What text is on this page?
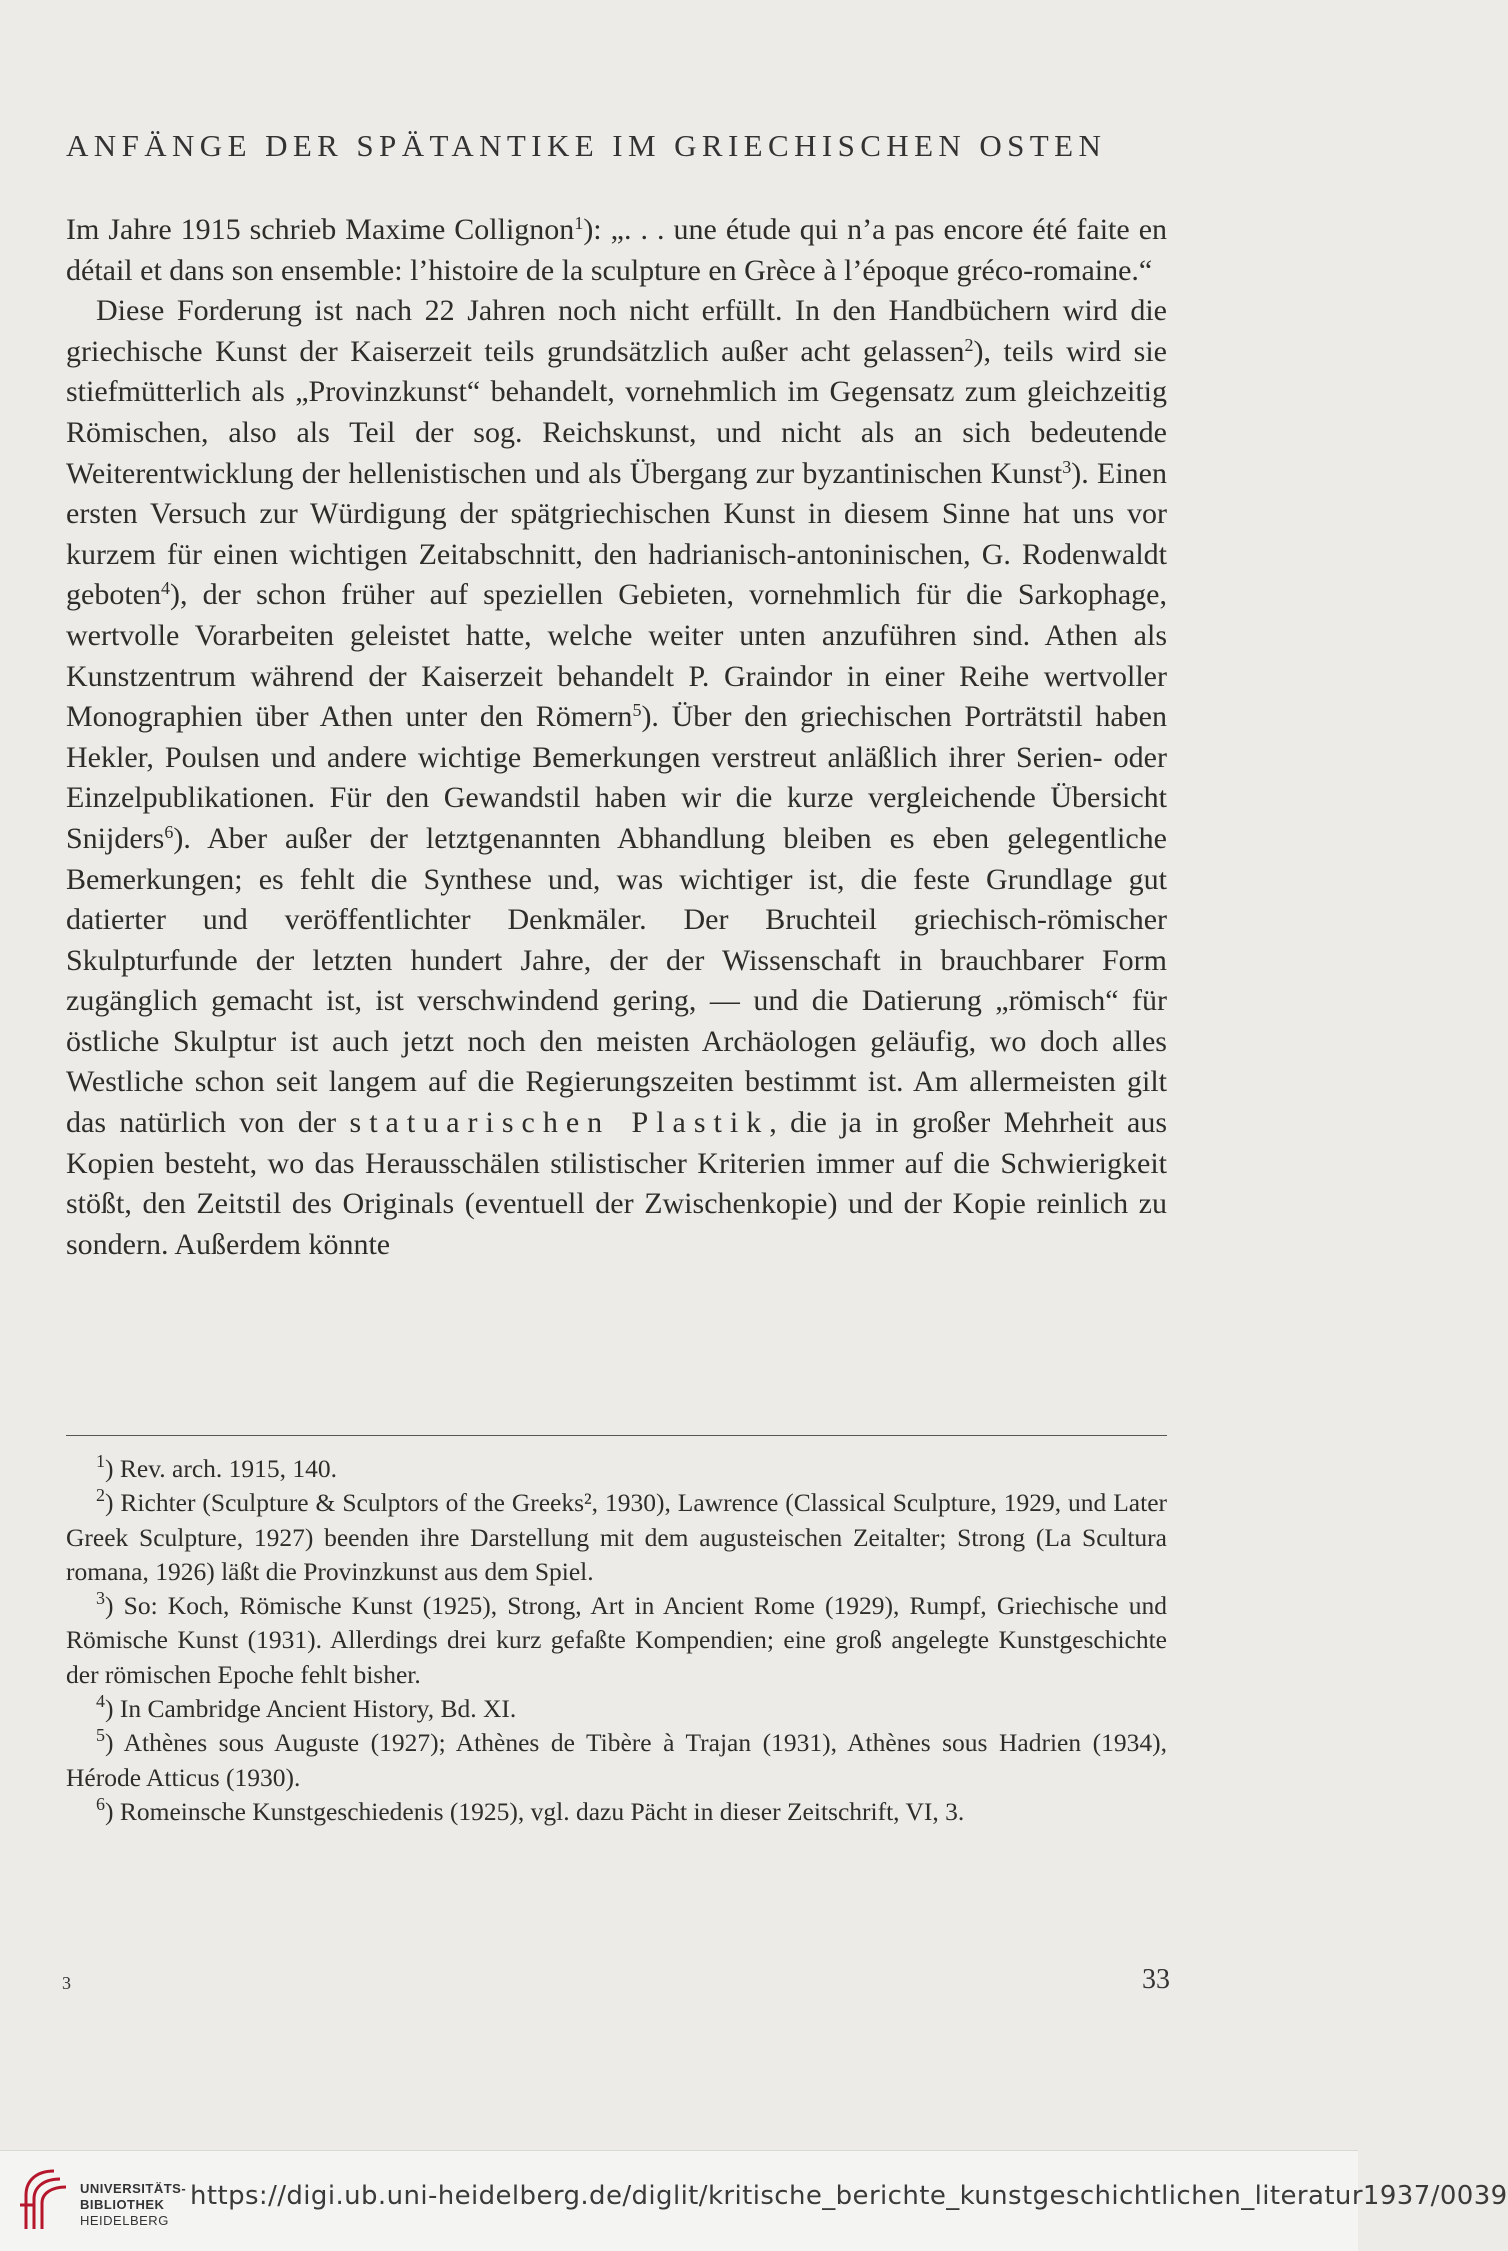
ANFÄNGE DER SPÄTANTIKE IM GRIECHISCHEN OSTEN

Im Jahre 1915 schrieb Maxime Collignon$^1$): „. . . une étude qui n’a pas encore été faite en détail et dans son ensemble: l’histoire de la sculpture en Grèce à l’époque gréco-romaine.“

Diese Forderung ist nach 22 Jahren noch nicht erfüllt. In den Handbüchern wird die griechische Kunst der Kaiserzeit teils grundsätzlich außer acht gelassen$^2$), teils wird sie stiefmütterlich als „Provinzkunst“ behandelt, vornehmlich im Gegensatz zum gleichzeitig Römischen, also als Teil der sog. Reichskunst, und nicht als an sich bedeutende Weiterentwicklung der hellenistischen und als Übergang zur byzantinischen Kunst$^3$). Einen ersten Versuch zur Würdigung der spätgriechischen Kunst in diesem Sinne hat uns vor kurzem für einen wichtigen Zeitabschnitt, den hadrianisch-antoninischen, G. Rodenwaldt geboten$^4$), der schon früher auf speziellen Gebieten, vornehmlich für die Sarkophage, wertvolle Vorarbeiten geleistet hatte, welche weiter unten anzuführen sind. Athen als Kunstzentrum während der Kaiserzeit behandelt P. Graindor in einer Reihe wertvoller Monographien über Athen unter den Römern$^5$). Über den griechischen Porträtstil haben Hekler, Poulsen und andere wichtige Bemerkungen verstreut anläßlich ihrer Serien- oder Einzelpublikationen. Für den Gewandstil haben wir die kurze vergleichende Übersicht Snijders$^6$). Aber außer der letztgenannten Abhandlung bleiben es eben gelegentliche Bemerkungen; es fehlt die Synthese und, was wichtiger ist, die feste Grundlage gut datierter und veröffentlichter Denkmäler. Der Bruchteil griechisch-römischer Skulpturfunde der letzten hundert Jahre, der der Wissenschaft in brauchbarer Form zugänglich gemacht ist, ist verschwindend gering, — und die Datierung „römisch“ für östliche Skulptur ist auch jetzt noch den meisten Archäologen geläufig, wo doch alles Westliche schon seit langem auf die Regierungszeiten bestimmt ist. Am allermeisten gilt das natürlich von der statuarischen Plastik, die ja in großer Mehrheit aus Kopien besteht, wo das Herausschälen stilistischer Kriterien immer auf die Schwierigkeit stößt, den Zeitstil des Originals (eventuell der Zwischenkopie) und der Kopie reinlich zu sondern. Außerdem könnte

$^1$) Rev. arch. 1915, 140.

$^2$) Richter (Sculpture & Sculptors of the Greeks², 1930), Lawrence (Classical Sculpture, 1929, und Later Greek Sculpture, 1927) beenden ihre Darstellung mit dem augusteischen Zeitalter; Strong (La Scultura romana, 1926) läßt die Provinzkunst aus dem Spiel.

$^3$) So: Koch, Römische Kunst (1925), Strong, Art in Ancient Rome (1929), Rumpf, Griechische und Römische Kunst (1931). Allerdings drei kurz gefaßte Kompendien; eine groß angelegte Kunstgeschichte der römischen Epoche fehlt bisher.

$^4$) In Cambridge Ancient History, Bd. XI.

$^5$) Athènes sous Auguste (1927); Athènes de Tibère à Trajan (1931), Athènes sous Hadrien (1934), Hérode Atticus (1930).

$^6$) Romeinsche Kunstgeschiedenis (1925), vgl. dazu Pächt in dieser Zeitschrift, VI, 3.

3	33
UNIVERSITÄTS-
BIBLIOTHEK
HEIDELBERG
https://digi.ub.uni-heidelberg.de/diglit/kritische_berichte_kunstgeschichtlichen_literatur1937/0039
